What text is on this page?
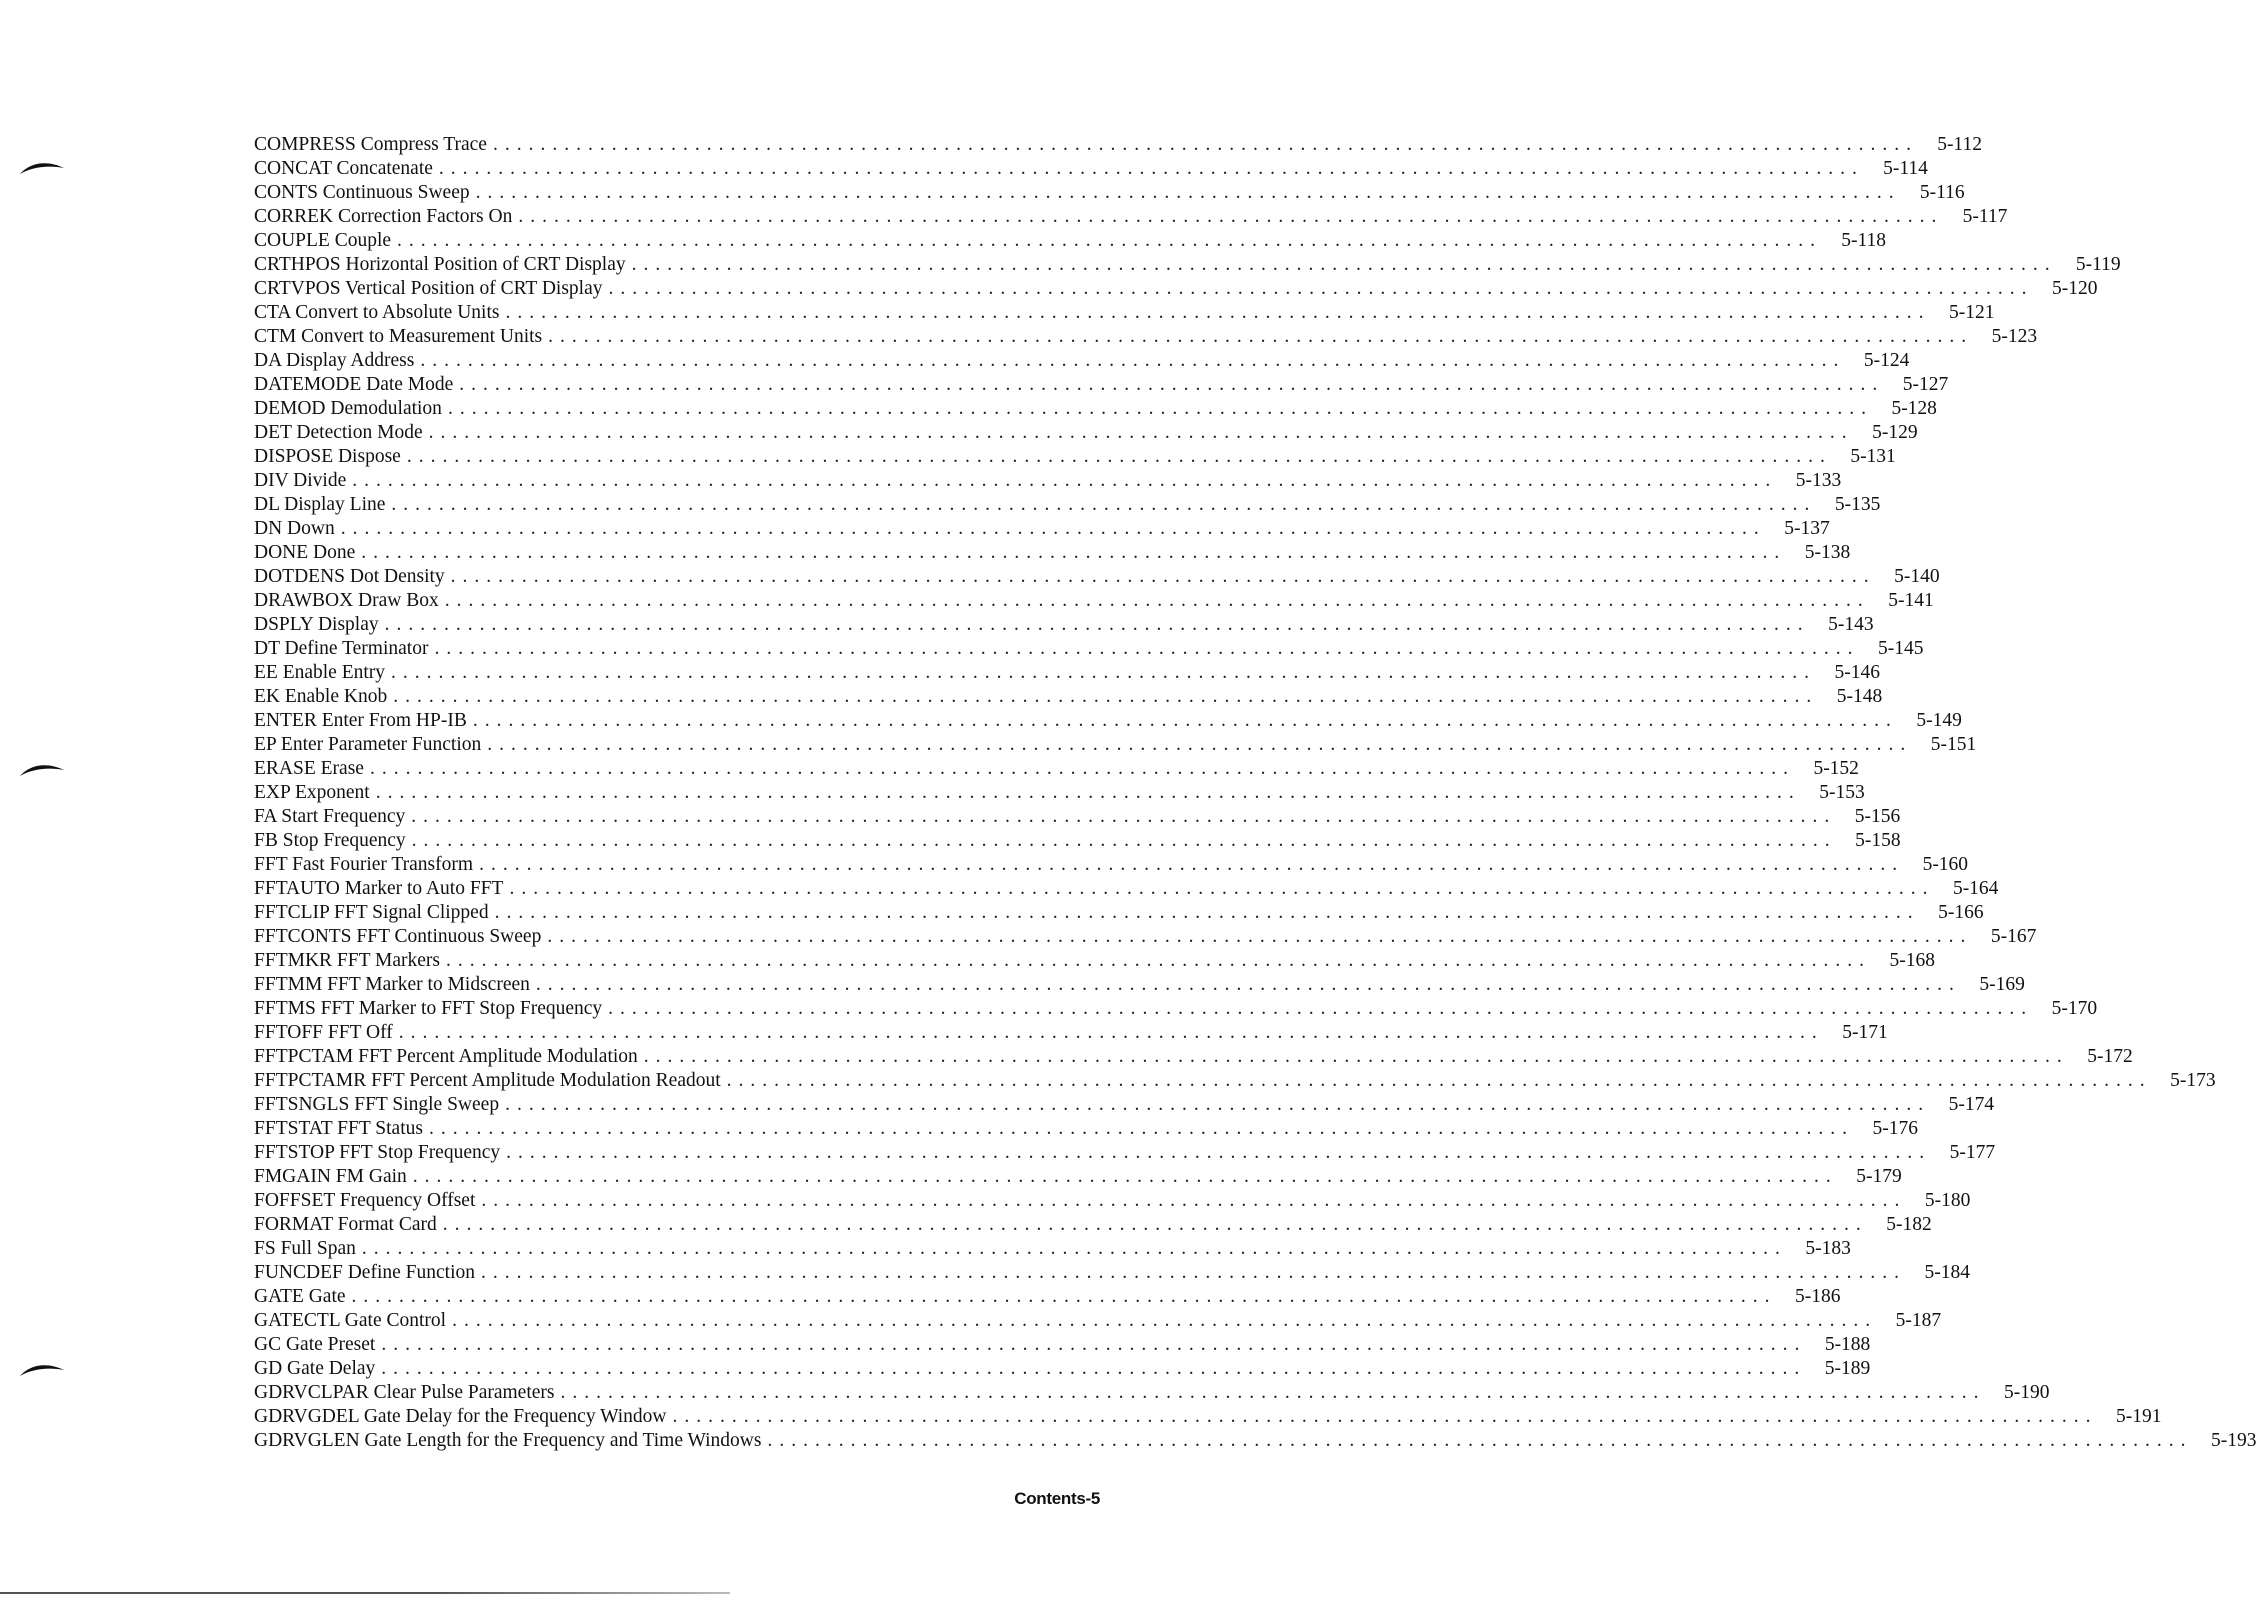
COMPRESS Compress Trace ........................................................................................................................ 5-112
CONCAT Concatenate ........................................................................................................................ 5-114
CONTS Continuous Sweep ........................................................................................................................ 5-116
CORREK Correction Factors On ........................................................................................................................ 5-117
COUPLE Couple ........................................................................................................................ 5-118
CRTHPOS Horizontal Position of CRT Display ........................................................................................................................ 5-119
CRTVPOS Vertical Position of CRT Display ........................................................................................................................ 5-120
CTA Convert to Absolute Units ........................................................................................................................ 5-121
CTM Convert to Measurement Units ........................................................................................................................ 5-123
DA Display Address ........................................................................................................................ 5-124
DATEMODE Date Mode ........................................................................................................................ 5-127
DEMOD Demodulation ........................................................................................................................ 5-128
DET Detection Mode ........................................................................................................................ 5-129
DISPOSE Dispose ........................................................................................................................ 5-131
DIV Divide ........................................................................................................................ 5-133
DL Display Line ........................................................................................................................ 5-135
DN Down ........................................................................................................................ 5-137
DONE Done ........................................................................................................................ 5-138
DOTDENS Dot Density ........................................................................................................................ 5-140
DRAWBOX Draw Box ........................................................................................................................ 5-141
DSPLY Display ........................................................................................................................ 5-143
DT Define Terminator ........................................................................................................................ 5-145
EE Enable Entry ........................................................................................................................ 5-146
EK Enable Knob ........................................................................................................................ 5-148
ENTER Enter From HP-IB ........................................................................................................................ 5-149
EP Enter Parameter Function ........................................................................................................................ 5-151
ERASE Erase ........................................................................................................................ 5-152
EXP Exponent ........................................................................................................................ 5-153
FA Start Frequency ........................................................................................................................ 5-156
FB Stop Frequency ........................................................................................................................ 5-158
FFT Fast Fourier Transform ........................................................................................................................ 5-160
FFTAUTO Marker to Auto FFT ........................................................................................................................ 5-164
FFTCLIP FFT Signal Clipped ........................................................................................................................ 5-166
FFTCONTS FFT Continuous Sweep ........................................................................................................................ 5-167
FFTMKR FFT Markers ........................................................................................................................ 5-168
FFTMM FFT Marker to Midscreen ........................................................................................................................ 5-169
FFTMS FFT Marker to FFT Stop Frequency ........................................................................................................................ 5-170
FFTOFF FFT Off ........................................................................................................................ 5-171
FFTPCTAM FFT Percent Amplitude Modulation ........................................................................................................................ 5-172
FFTPCTAMR FFT Percent Amplitude Modulation Readout ........................................................................................................................ 5-173
FFTSNGLS FFT Single Sweep ........................................................................................................................ 5-174
FFTSTAT FFT Status ........................................................................................................................ 5-176
FFTSTOP FFT Stop Frequency ........................................................................................................................ 5-177
FMGAIN FM Gain ........................................................................................................................ 5-179
FOFFSET Frequency Offset ........................................................................................................................ 5-180
FORMAT Format Card ........................................................................................................................ 5-182
FS Full Span ........................................................................................................................ 5-183
FUNCDEF Define Function ........................................................................................................................ 5-184
GATE Gate ........................................................................................................................ 5-186
GATECTL Gate Control ........................................................................................................................ 5-187
GC Gate Preset ........................................................................................................................ 5-188
GD Gate Delay ........................................................................................................................ 5-189
GDRVCLPAR Clear Pulse Parameters ........................................................................................................................ 5-190
GDRVGDEL Gate Delay for the Frequency Window ........................................................................................................................ 5-191
GDRVGLEN Gate Length for the Frequency and Time Windows ........................................................................................................................ 5-193
Contents-5
